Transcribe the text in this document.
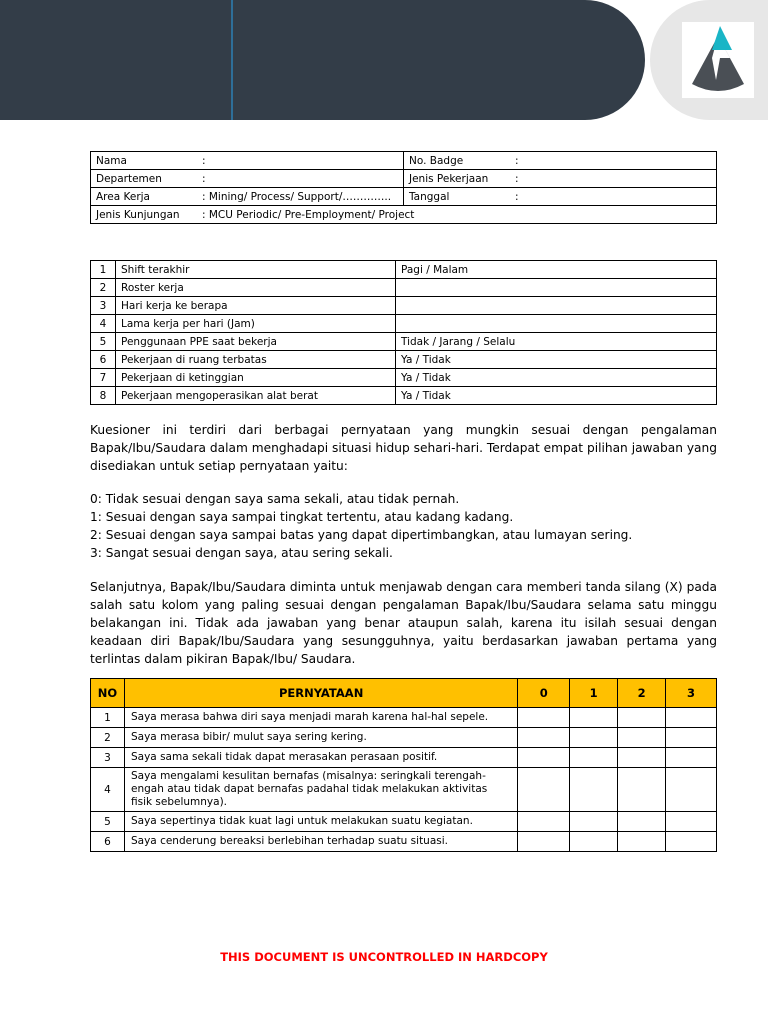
Nama :	No. Badge :
Departemen :	Jenis Pekerjaan :
Area Kerja : Mining/ Process/ Support/…………..	Tanggal :
Jenis Kunjungan : MCU Periodic/ Pre-Employment/ Project	
1	Shift terakhir	Pagi / Malam
2	Roster kerja	
3	Hari kerja ke berapa	
4	Lama kerja per hari (Jam)	
5	Penggunaan PPE saat bekerja	Tidak / Jarang / Selalu
6	Pekerjaan di ruang terbatas	Ya / Tidak
7	Pekerjaan di ketinggian	Ya / Tidak
8	Pekerjaan mengoperasikan alat berat	Ya / Tidak

Kuesioner ini terdiri dari berbagai pernyataan yang mungkin sesuai dengan pengalaman Bapak/Ibu/Saudara dalam menghadapi situasi hidup sehari-hari. Terdapat empat pilihan jawaban yang disediakan untuk setiap pernyataan yaitu:

0: Tidak sesuai dengan saya sama sekali, atau tidak pernah.
1: Sesuai dengan saya sampai tingkat tertentu, atau kadang kadang.
2: Sesuai dengan saya sampai batas yang dapat dipertimbangkan, atau lumayan sering.
3: Sangat sesuai dengan saya, atau sering sekali.

Selanjutnya, Bapak/Ibu/Saudara diminta untuk menjawab dengan cara memberi tanda silang (X) pada salah satu kolom yang paling sesuai dengan pengalaman Bapak/Ibu/Saudara selama satu minggu belakangan ini. Tidak ada jawaban yang benar ataupun salah, karena itu isilah sesuai dengan keadaan diri Bapak/Ibu/Saudara yang sesungguhnya, yaitu berdasarkan jawaban pertama yang terlintas dalam pikiran Bapak/Ibu/ Saudara.

NO	PERNYATAAN	0	1	2	3
1	Saya merasa bahwa diri saya menjadi marah karena hal-hal sepele.				
2	Saya merasa bibir/ mulut saya sering kering.				
3	Saya sama sekali tidak dapat merasakan perasaan positif.				
4	Saya mengalami kesulitan bernafas (misalnya: seringkali terengah-engah atau tidak dapat bernafas padahal tidak melakukan aktivitas fisik sebelumnya).				
5	Saya sepertinya tidak kuat lagi untuk melakukan suatu kegiatan.				
6	Saya cenderung bereaksi berlebihan terhadap suatu situasi.				
THIS DOCUMENT IS UNCONTROLLED IN HARDCOPY
